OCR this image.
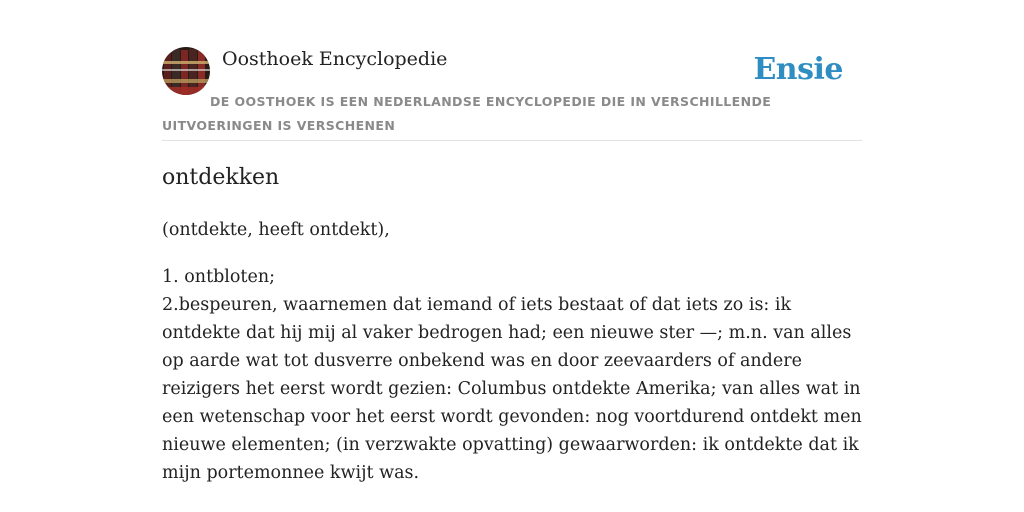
Oosthoek Encyclopedie	Ensie
DE OOSTHOEK IS EEN NEDERLANDSE ENCYCLOPEDIE DIE IN VERSCHILLENDE UITVOERINGEN IS VERSCHENEN
ontdekken

(ontdekte, heeft ontdekt),

1. ontbloten;
2.bespeuren, waarnemen dat iemand of iets bestaat of dat iets zo is: ik ontdekte dat hij mij al vaker bedrogen had; een nieuwe ster —; m.n. van alles op aarde wat tot dusverre onbekend was en door zeevaarders of andere reizigers het eerst wordt gezien: Columbus ontdekte Amerika; van alles wat in een wetenschap voor het eerst wordt gevonden: nog voortdurend ontdekt men nieuwe elementen; (in verzwakte opvatting) gewaarworden: ik ontdekte dat ik mijn portemonnee kwijt was.
